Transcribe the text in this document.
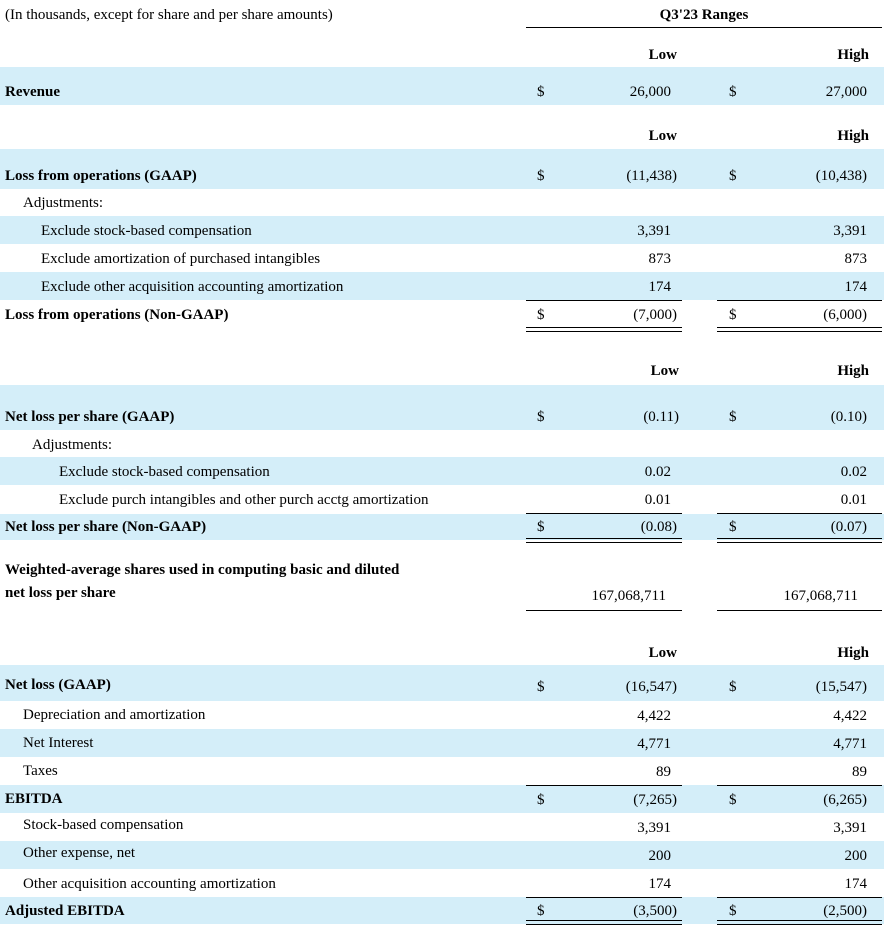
(In thousands, except for share and per share amounts)	Q3'23 Ranges
Low	High
Revenue	$	26,000	$	27,000
Low	High
Loss from operations (GAAP)	$	(11,438)	$	(10,438)
Adjustments:
Exclude stock-based compensation	3,391	3,391
Exclude amortization of purchased intangibles	873	873
Exclude other acquisition accounting amortization	174	174
Loss from operations (Non-GAAP)	$	(7,000)	$	(6,000)
Low	High
Net loss per share (GAAP)	$	(0.11)	$	(0.10)
Adjustments:
Exclude stock-based compensation	0.02	0.02
Exclude purch intangibles and other purch acctg amortization	0.01	0.01
Net loss per share (Non-GAAP)	$	(0.08)	$	(0.07)
Weighted-average shares used in computing basic and diluted
net loss per share	167,068,711	167,068,711
Low	High
Net loss (GAAP)	$	(16,547)	$	(15,547)
Depreciation and amortization	4,422	4,422
Net Interest	4,771	4,771
Taxes	89	89
EBITDA	$	(7,265)	$	(6,265)
Stock-based compensation	3,391	3,391
Other expense, net	200	200
Other acquisition accounting amortization	174	174
Adjusted EBITDA	$	(3,500)	$	(2,500)
